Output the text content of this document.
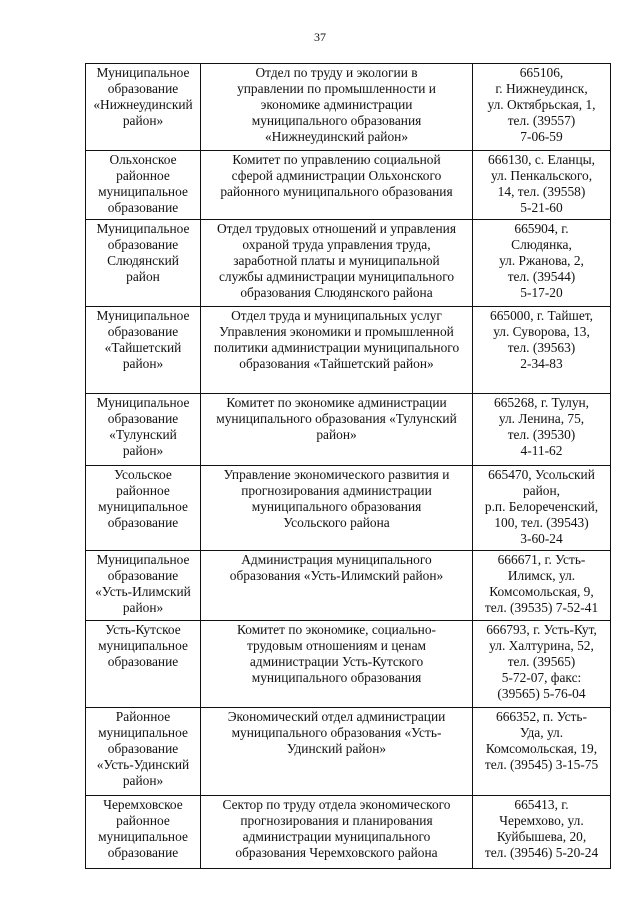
37
Муниципальное
образование
«Нижнеудинский
район»	Отдел по труду и экологии в
управлении по промышленности и
экономике администрации
муниципального образования
«Нижнеудинский район»	665106,
г. Нижнеудинск,
ул. Октябрьская, 1,
тел. (39557)
7-06-59

Ольхонское
районное
муниципальное
образование	Комитет по управлению социальной
сферой администрации Ольхонского
районного муниципального образования	666130, с. Еланцы,
ул. Пенкальского,
14, тел. (39558)
5-21-60

Муниципальное
образование
Слюдянский
район	Отдел трудовых отношений и управления
охраной труда управления труда,
заработной платы и муниципальной
службы администрации муниципального
образования Слюдянского района	665904, г.
Слюдянка,
ул. Ржанова, 2,
тел. (39544)
5-17-20

Муниципальное
образование
«Тайшетский
район»	Отдел труда и муниципальных услуг
Управления экономики и промышленной
политики администрации муниципального
образования «Тайшетский район»	665000, г. Тайшет,
ул. Суворова, 13,
тел. (39563)
2-34-83

Муниципальное
образование
«Тулунский
район»	Комитет по экономике администрации
муниципального образования «Тулунский
район»	665268, г. Тулун,
ул. Ленина, 75,
тел. (39530)
4-11-62

Усольское
районное
муниципальное
образование	Управление экономического развития и
прогнозирования администрации
муниципального образования
Усольского района	665470, Усольский
район,
р.п. Белореченский,
100, тел. (39543)
3-60-24

Муниципальное
образование
«Усть-Илимский
район»	Администрация муниципального
образования «Усть-Илимский район»	666671, г. Усть-
Илимск, ул.
Комсомольская, 9,
тел. (39535) 7-52-41

Усть-Кутское
муниципальное
образование	Комитет по экономике, социально-
трудовым отношениям и ценам
администрации Усть-Кутского
муниципального образования	666793, г. Усть-Кут,
ул. Халтурина, 52,
тел. (39565)
5-72-07, факс:
(39565) 5-76-04

Районное
муниципальное
образование
«Усть-Удинский
район»	Экономический отдел администрации
муниципального образования «Усть-
Удинский район»	666352, п. Усть-
Уда, ул.
Комсомольская, 19,
тел. (39545) 3-15-75

Черемховское
районное
муниципальное
образование	Сектор по труду отдела экономического
прогнозирования и планирования
администрации муниципального
образования Черемховского района	665413, г.
Черемхово, ул.
Куйбышева, 20,
тел. (39546) 5-20-24
